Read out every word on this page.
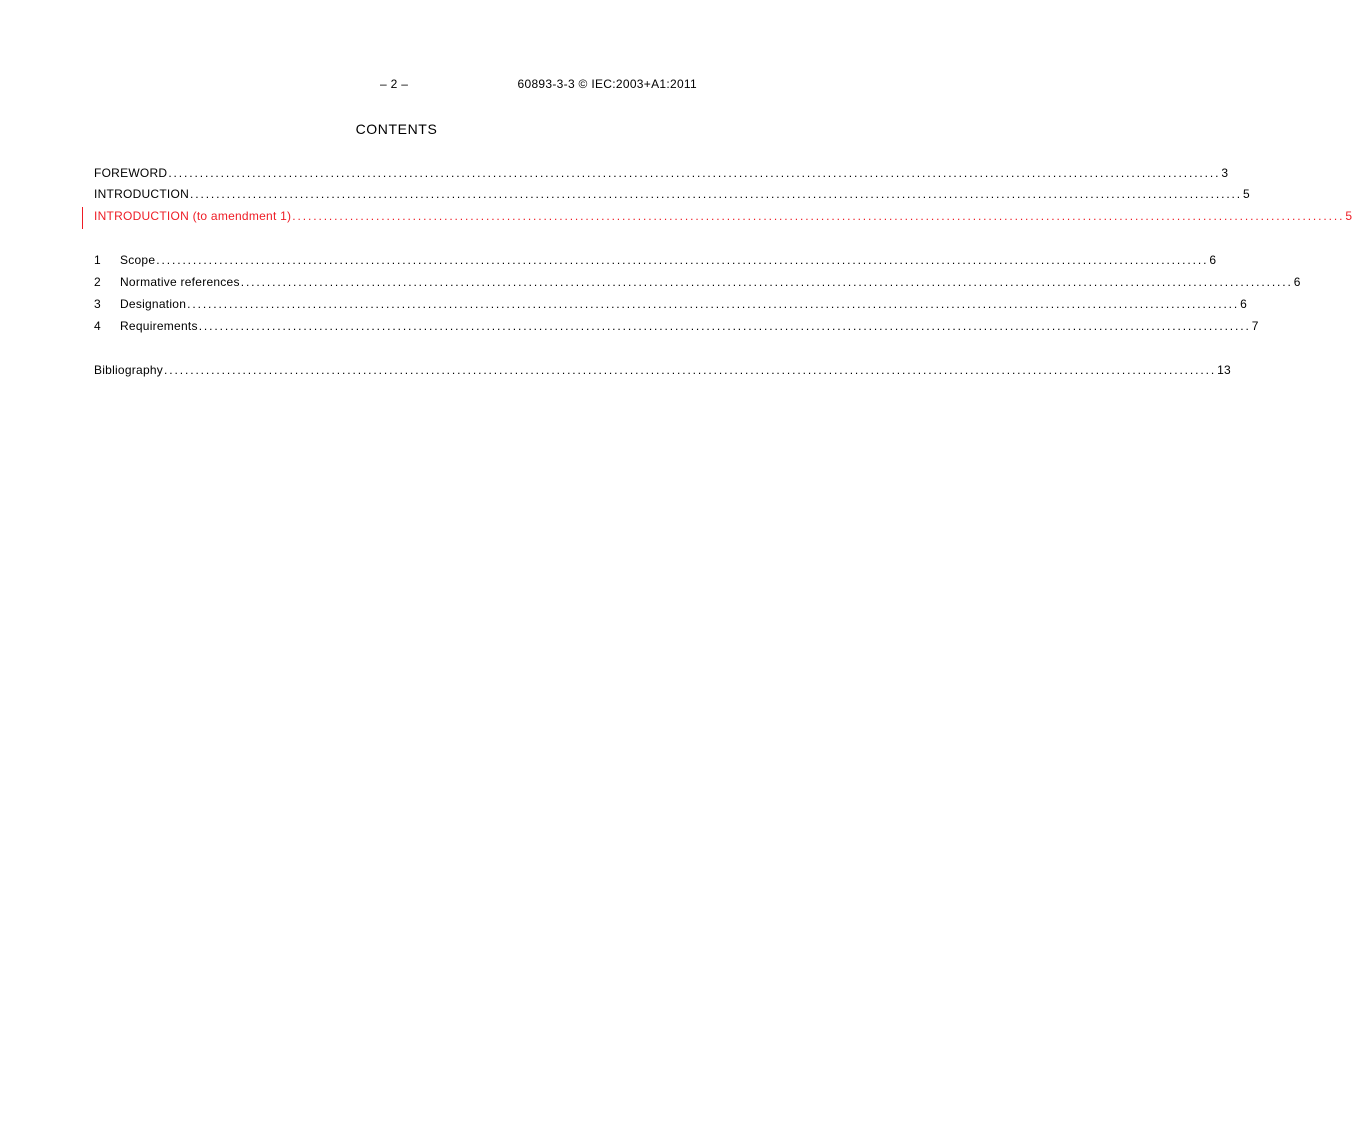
– 2 –	60893-3-3 © IEC:2003+A1:2011
CONTENTS
FOREWORD ......................................................................................................................................................................................................... 3
INTRODUCTION ......................................................................................................................................................................................................... 5
INTRODUCTION (to amendment 1) ......................................................................................................................................................................................................... 5
1	Scope ......................................................................................................................................................................................................... 6
2	Normative references ......................................................................................................................................................................................................... 6
3	Designation ......................................................................................................................................................................................................... 6
4	Requirements ......................................................................................................................................................................................................... 7
Bibliography ......................................................................................................................................................................................................... 13
